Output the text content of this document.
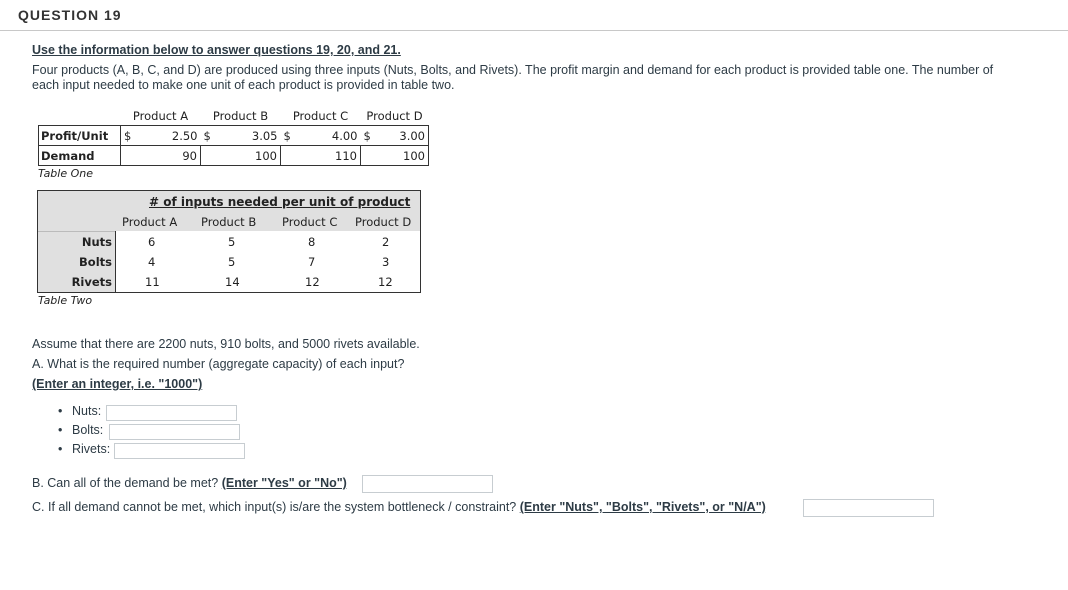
QUESTION 19

Use the information below to answer questions 19, 20, and 21.

Four products (A, B, C, and D) are produced using three inputs (Nuts, Bolts, and Rivets). The profit margin and demand for each product is provided table one. The number of

each input needed to make one unit of each product is provided in table two.

	Product A		Product B		Product C		Product D	
Profit/Unit	$	2.50	$	3.05	$	4.00	$	3.00
Demand	90		100		110		100	
Table One
# of inputs needed per unit of product
Product A Product B Product C Product D
Nuts	6	5	8	2
Bolts	4	5	7	3
Rivets	11	14	12	12
Table Two
Assume that there are 2200 nuts, 910 bolts, and 5000 rivets available.
A. What is the required number (aggregate capacity) of each input?
(Enter an integer, i.e. "1000")
• Nuts:
• Bolts:
• Rivets:
B. Can all of the demand be met? (Enter "Yes" or "No")
C. If all demand cannot be met, which input(s) is/are the system bottleneck / constraint? (Enter "Nuts", "Bolts", "Rivets", or "N/A")
